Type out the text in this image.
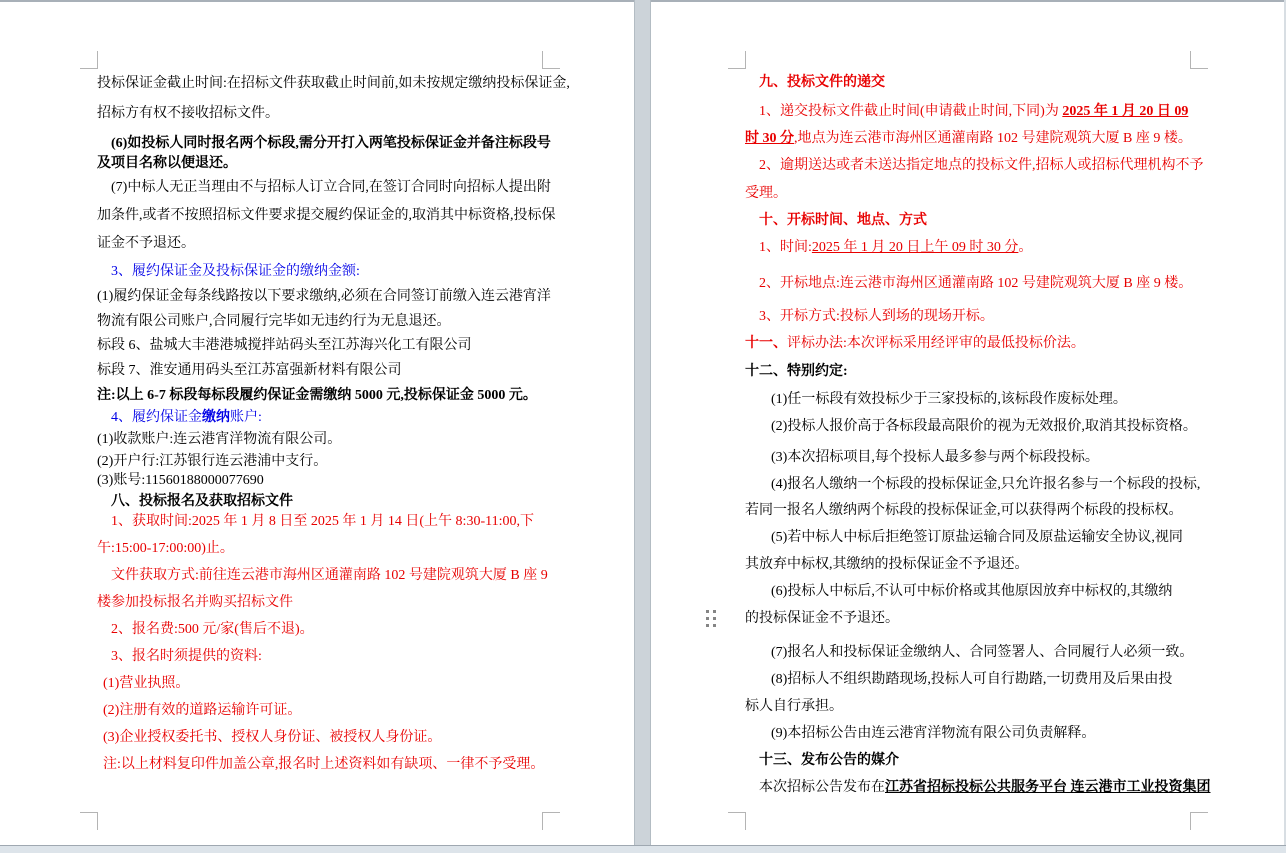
投标保证金截止时间:在招标文件获取截止时间前,如未按规定缴纳投标保证金,

招标方有权不接收招标文件。

(6)如投标人同时报名两个标段,需分开打入两笔投标保证金并备注标段号

及项目名称以便退还。

(7)中标人无正当理由不与招标人订立合同,在签订合同时向招标人提出附

加条件,或者不按照招标文件要求提交履约保证金的,取消其中标资格,投标保

证金不予退还。

3、履约保证金及投标保证金的缴纳金额:

(1)履约保证金每条线路按以下要求缴纳,必须在合同签订前缴入连云港宵洋

物流有限公司账户,合同履行完毕如无违约行为无息退还。

标段 6、盐城大丰港港城搅拌站码头至江苏海兴化工有限公司

标段 7、淮安通用码头至江苏富强新材料有限公司

注:以上 6-7 标段每标段履约保证金需缴纳 5000 元,投标保证金 5000 元。

4、履约保证金缴纳账户:

(1)收款账户:连云港宵洋物流有限公司。

(2)开户行:江苏银行连云港浦中支行。

(3)账号:11560188000077690

八、投标报名及获取招标文件

1、获取时间:2025 年 1 月 8 日至 2025 年 1 月 14 日(上午 8:30-11:00,下

午:15:00-17:00:00)止。

文件获取方式:前往连云港市海州区通灌南路 102 号建院观筑大厦 B 座 9

楼参加投标报名并购买招标文件

2、报名费:500 元/家(售后不退)。

3、报名时须提供的资料:

(1)营业执照。

(2)注册有效的道路运输许可证。

(3)企业授权委托书、授权人身份证、被授权人身份证。

注:以上材料复印件加盖公章,报名时上述资料如有缺项、一律不予受理。

九、投标文件的递交

1、递交投标文件截止时间(申请截止时间,下同)为 2025 年 1 月 20 日 09

时 30 分,地点为连云港市海州区通灌南路 102 号建院观筑大厦 B 座 9 楼。

2、逾期送达或者未送达指定地点的投标文件,招标人或招标代理机构不予

受理。

十、开标时间、地点、方式

1、时间:2025 年 1 月 20 日上午 09 时 30 分。

2、开标地点:连云港市海州区通灌南路 102 号建院观筑大厦 B 座 9 楼。

3、开标方式:投标人到场的现场开标。

十一、评标办法:本次评标采用经评审的最低投标价法。

十二、特别约定:

(1)任一标段有效投标少于三家投标的,该标段作废标处理。

(2)投标人报价高于各标段最高限价的视为无效报价,取消其投标资格。

(3)本次招标项目,每个投标人最多参与两个标段投标。

(4)报名人缴纳一个标段的投标保证金,只允许报名参与一个标段的投标,

若同一报名人缴纳两个标段的投标保证金,可以获得两个标段的投标权。

(5)若中标人中标后拒绝签订原盐运输合同及原盐运输安全协议,视同

其放弃中标权,其缴纳的投标保证金不予退还。

(6)投标人中标后,不认可中标价格或其他原因放弃中标权的,其缴纳

的投标保证金不予退还。

(7)报名人和投标保证金缴纳人、合同签署人、合同履行人必须一致。

(8)招标人不组织勘踏现场,投标人可自行勘踏,一切费用及后果由投

标人自行承担。

(9)本招标公告由连云港宵洋物流有限公司负责解释。

十三、发布公告的媒介

本次招标公告发布在江苏省招标投标公共服务平台 连云港市工业投资集团
